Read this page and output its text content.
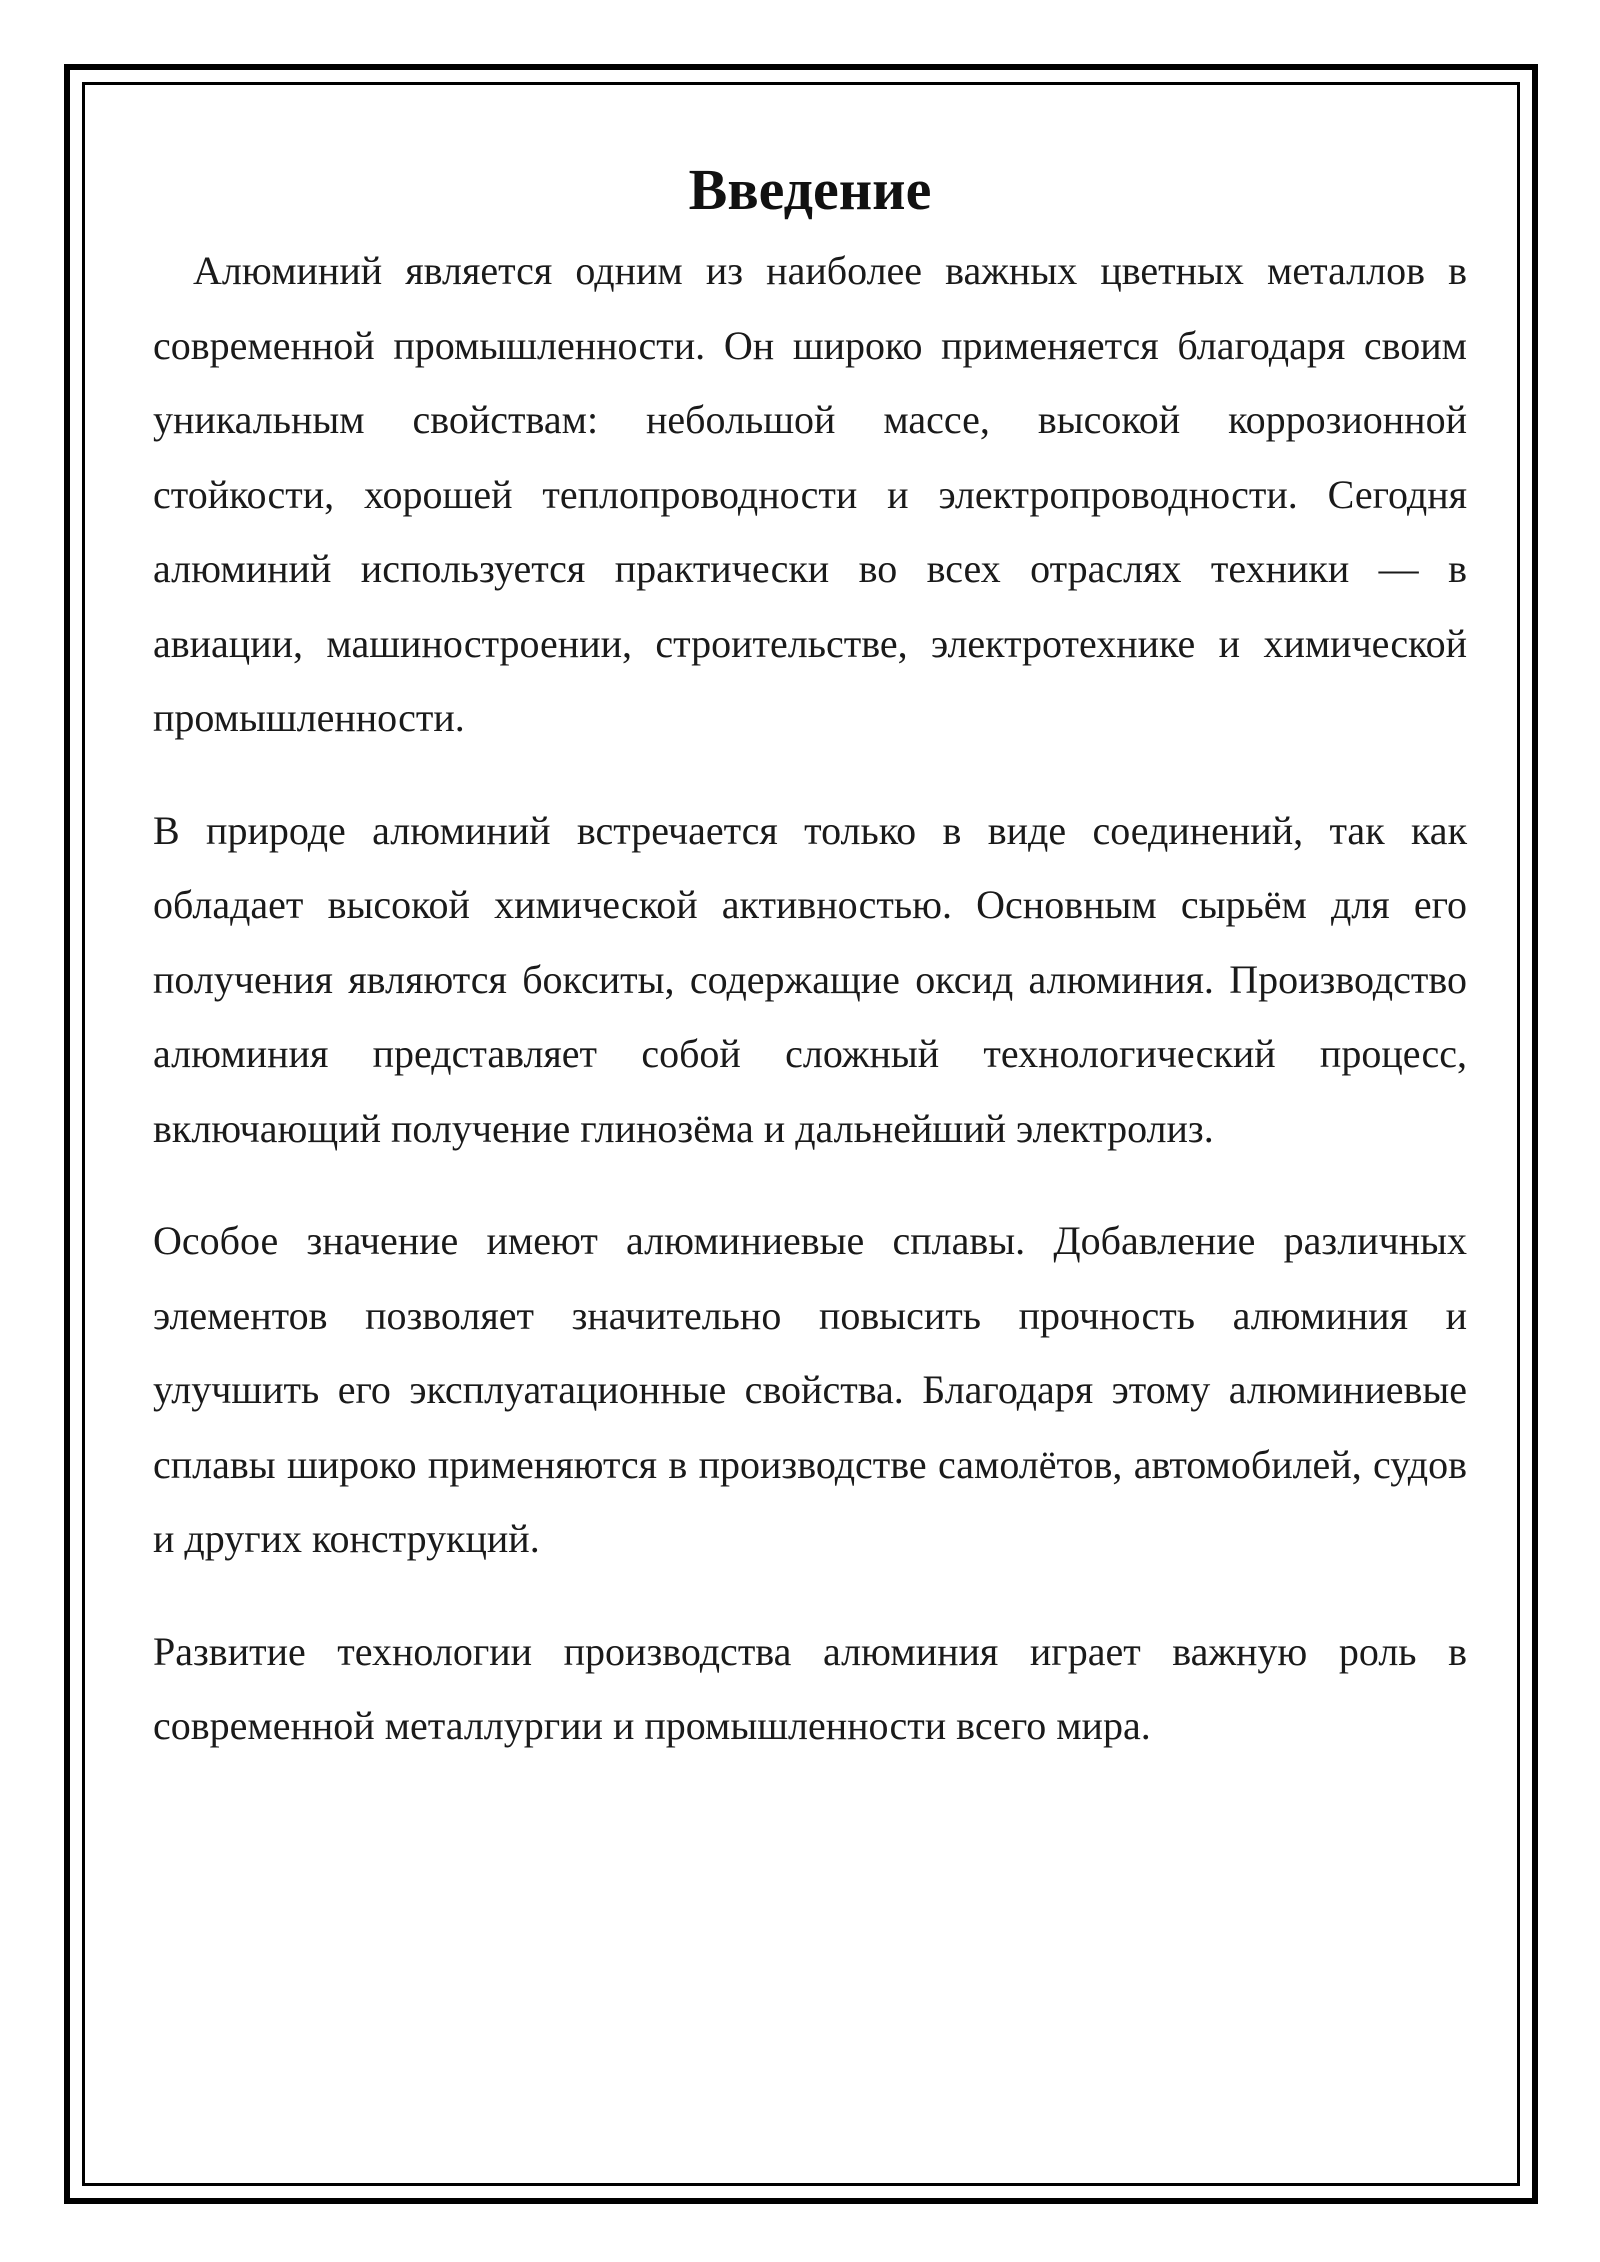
Введение

Алюминий является одним из наиболее важных цветных металлов в современной промышленности. Он широко применяется благодаря своим уникальным свойствам: небольшой массе, высокой коррозионной стойкости, хорошей теплопроводности и электропроводности. Сегодня алюминий используется практически во всех отраслях техники — в авиации, машиностроении, строительстве, электротехнике и химической промышленности.

В природе алюминий встречается только в виде соединений, так как обладает высокой химической активностью. Основным сырьём для его получения являются бокситы, содержащие оксид алюминия. Производство алюминия представляет собой сложный технологический процесс, включающий получение глинозёма и дальнейший электролиз.

Особое значение имеют алюминиевые сплавы. Добавление различных элементов позволяет значительно повысить прочность алюминия и улучшить его эксплуатационные свойства. Благодаря этому алюминиевые сплавы широко применяются в производстве самолётов, автомобилей, судов и других конструкций.

Развитие технологии производства алюминия играет важную роль в современной металлургии и промышленности всего мира.
